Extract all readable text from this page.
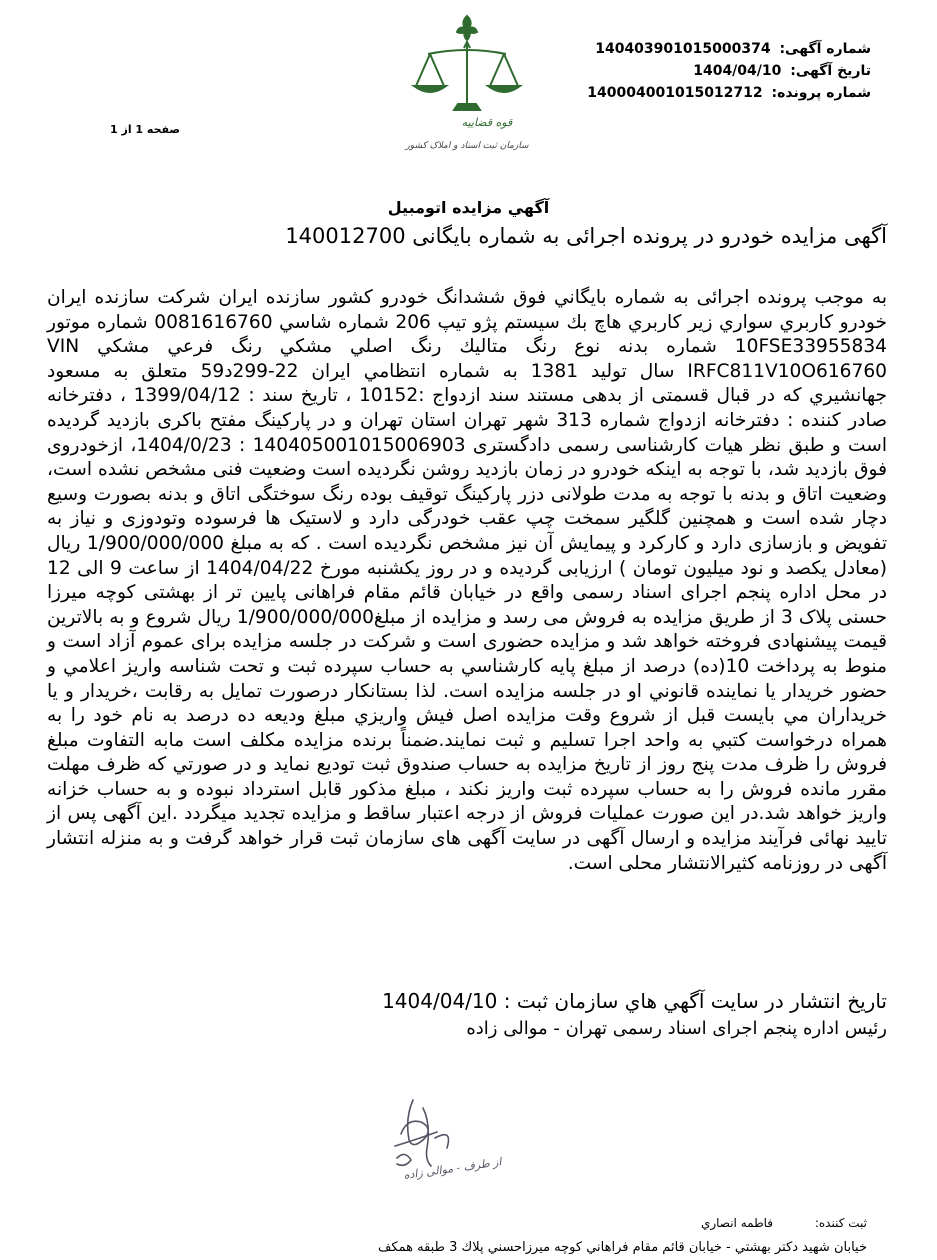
شماره آگهی: 140403901015000374
تاریخ آگهی: 1404/04/10
شماره پرونده: 140004001015012712
صفحه 1 از 1
قوه قضاییه
سازمان ثبت اسناد و املاک کشور
آگهي مزايده اتومبيل
آگهی مزایده خودرو در پرونده اجرائی به شماره بایگانی 140012700
به موجب پرونده اجرائی به شماره بايگاني فوق ششدانگ خودرو کشور سازنده ایران شرکت سازنده ایران خودرو کاربري سواري زير کاربري هاچ بك سيستم پژو تيپ 206 شماره شاسي 0081616760 شماره موتور 10FSE33955834 شماره بدنه نوع رنگ متاليك رنگ اصلي مشكي رنگ فرعي مشكي VIN IRFC811V10O616760 سال توليد 1381 به شماره انتظامي ايران 22-299د59 متعلق به مسعود جهانشيري که در قبال قسمتی از بدهی مستند سند ازدواج :10152 ، تاریخ سند : 1399/04/12 ، دفترخانه صادر کننده : دفترخانه ازدواج شماره 313 شهر تهران استان تهران و در پارکینگ مفتح باکری بازدید گردیده است و طبق نظر هیات کارشناسی رسمی دادگستری 140405001015006903 : 1404/0/23، ازخودروی فوق بازدید شد، با توجه به اینکه خودرو در زمان بازدید روشن نگردیده است وضعیت فنی مشخص نشده است، وضعیت اتاق و بدنه با توجه به مدت طولانی دزر پارکینگ توقیف بوده رنگ سوختگی اتاق و بدنه بصورت وسیع دچار شده است و همچنین گلگیر سمخت چپ عقب خودرگی دارد و لاستیک ها فرسوده وتودوزی و نیاز به تفویض و بازسازی دارد و کارکرد و پیمایش آن نیز مشخص نگردیده است . که به مبلغ 1/900/000/000 ريال (معادل یکصد و نود میلیون تومان ) ارزیابی گردیده و در روز یکشنبه مورخ 1404/04/22 از ساعت 9 الی 12 در محل اداره پنجم اجرای اسناد رسمی واقع در خیابان قائم مقام فراهانی پایین تر از بهشتی کوچه میرزا حسنی پلاک 3 از طریق مزایده به فروش می رسد و مزایده از مبلغ1/900/000/000 ريال شروع و به بالاترین قیمت پیشنهادی فروخته خواهد شد و مزایده حضوری است و شرکت در جلسه مزایده برای عموم آزاد است و منوط به پرداخت 10(ده) درصد از مبلغ پايه كارشناسي به حساب سپرده ثبت و تحت شناسه واريز اعلامي و حضور خريدار يا نماينده قانوني او در جلسه مزايده است. لذا بستانكار درصورت تمايل به رقابت ،خريدار و يا خريداران مي بايست قبل از شروع وقت مزايده اصل فيش واريزي مبلغ وديعه ده درصد به نام خود را به همراه درخواست كتبي به واحد اجرا تسليم و ثبت نمايند.ضمناً برنده مزايده مكلف است مابه التفاوت مبلغ فروش را ظرف مدت پنج روز از تاريخ مزايده به حساب صندوق ثبت توديع نمايد و در صورتي كه ظرف مهلت مقرر مانده فروش را به حساب سپرده ثبت واريز نكند ، مبلغ مذكور قابل استرداد نبوده و به حساب خزانه واريز خواهد شد.در اين صورت عمليات فروش از درجه اعتبار ساقط و مزايده تجديد ميگردد .این آگهی پس از تایید نهائی فرآیند مزایده و ارسال آگهی در سایت آگهی های سازمان ثبت قرار خواهد گرفت و به منزله انتشار آگهی در روزنامه کثیرالانتشار محلی است.
تاريخ انتشار در سايت آگهي هاي سازمان ثبت : 1404/04/10
رئیس اداره پنجم اجرای اسناد رسمی تهران - موالی زاده
از طرف - موالی زاده
ثبت کننده: فاطمه انصاري
خيابان شهيد دكتر بهشتي - خيابان قائم مقام فراهاني كوچه ميرزاحسني پلاك 3 طبقه همكف
